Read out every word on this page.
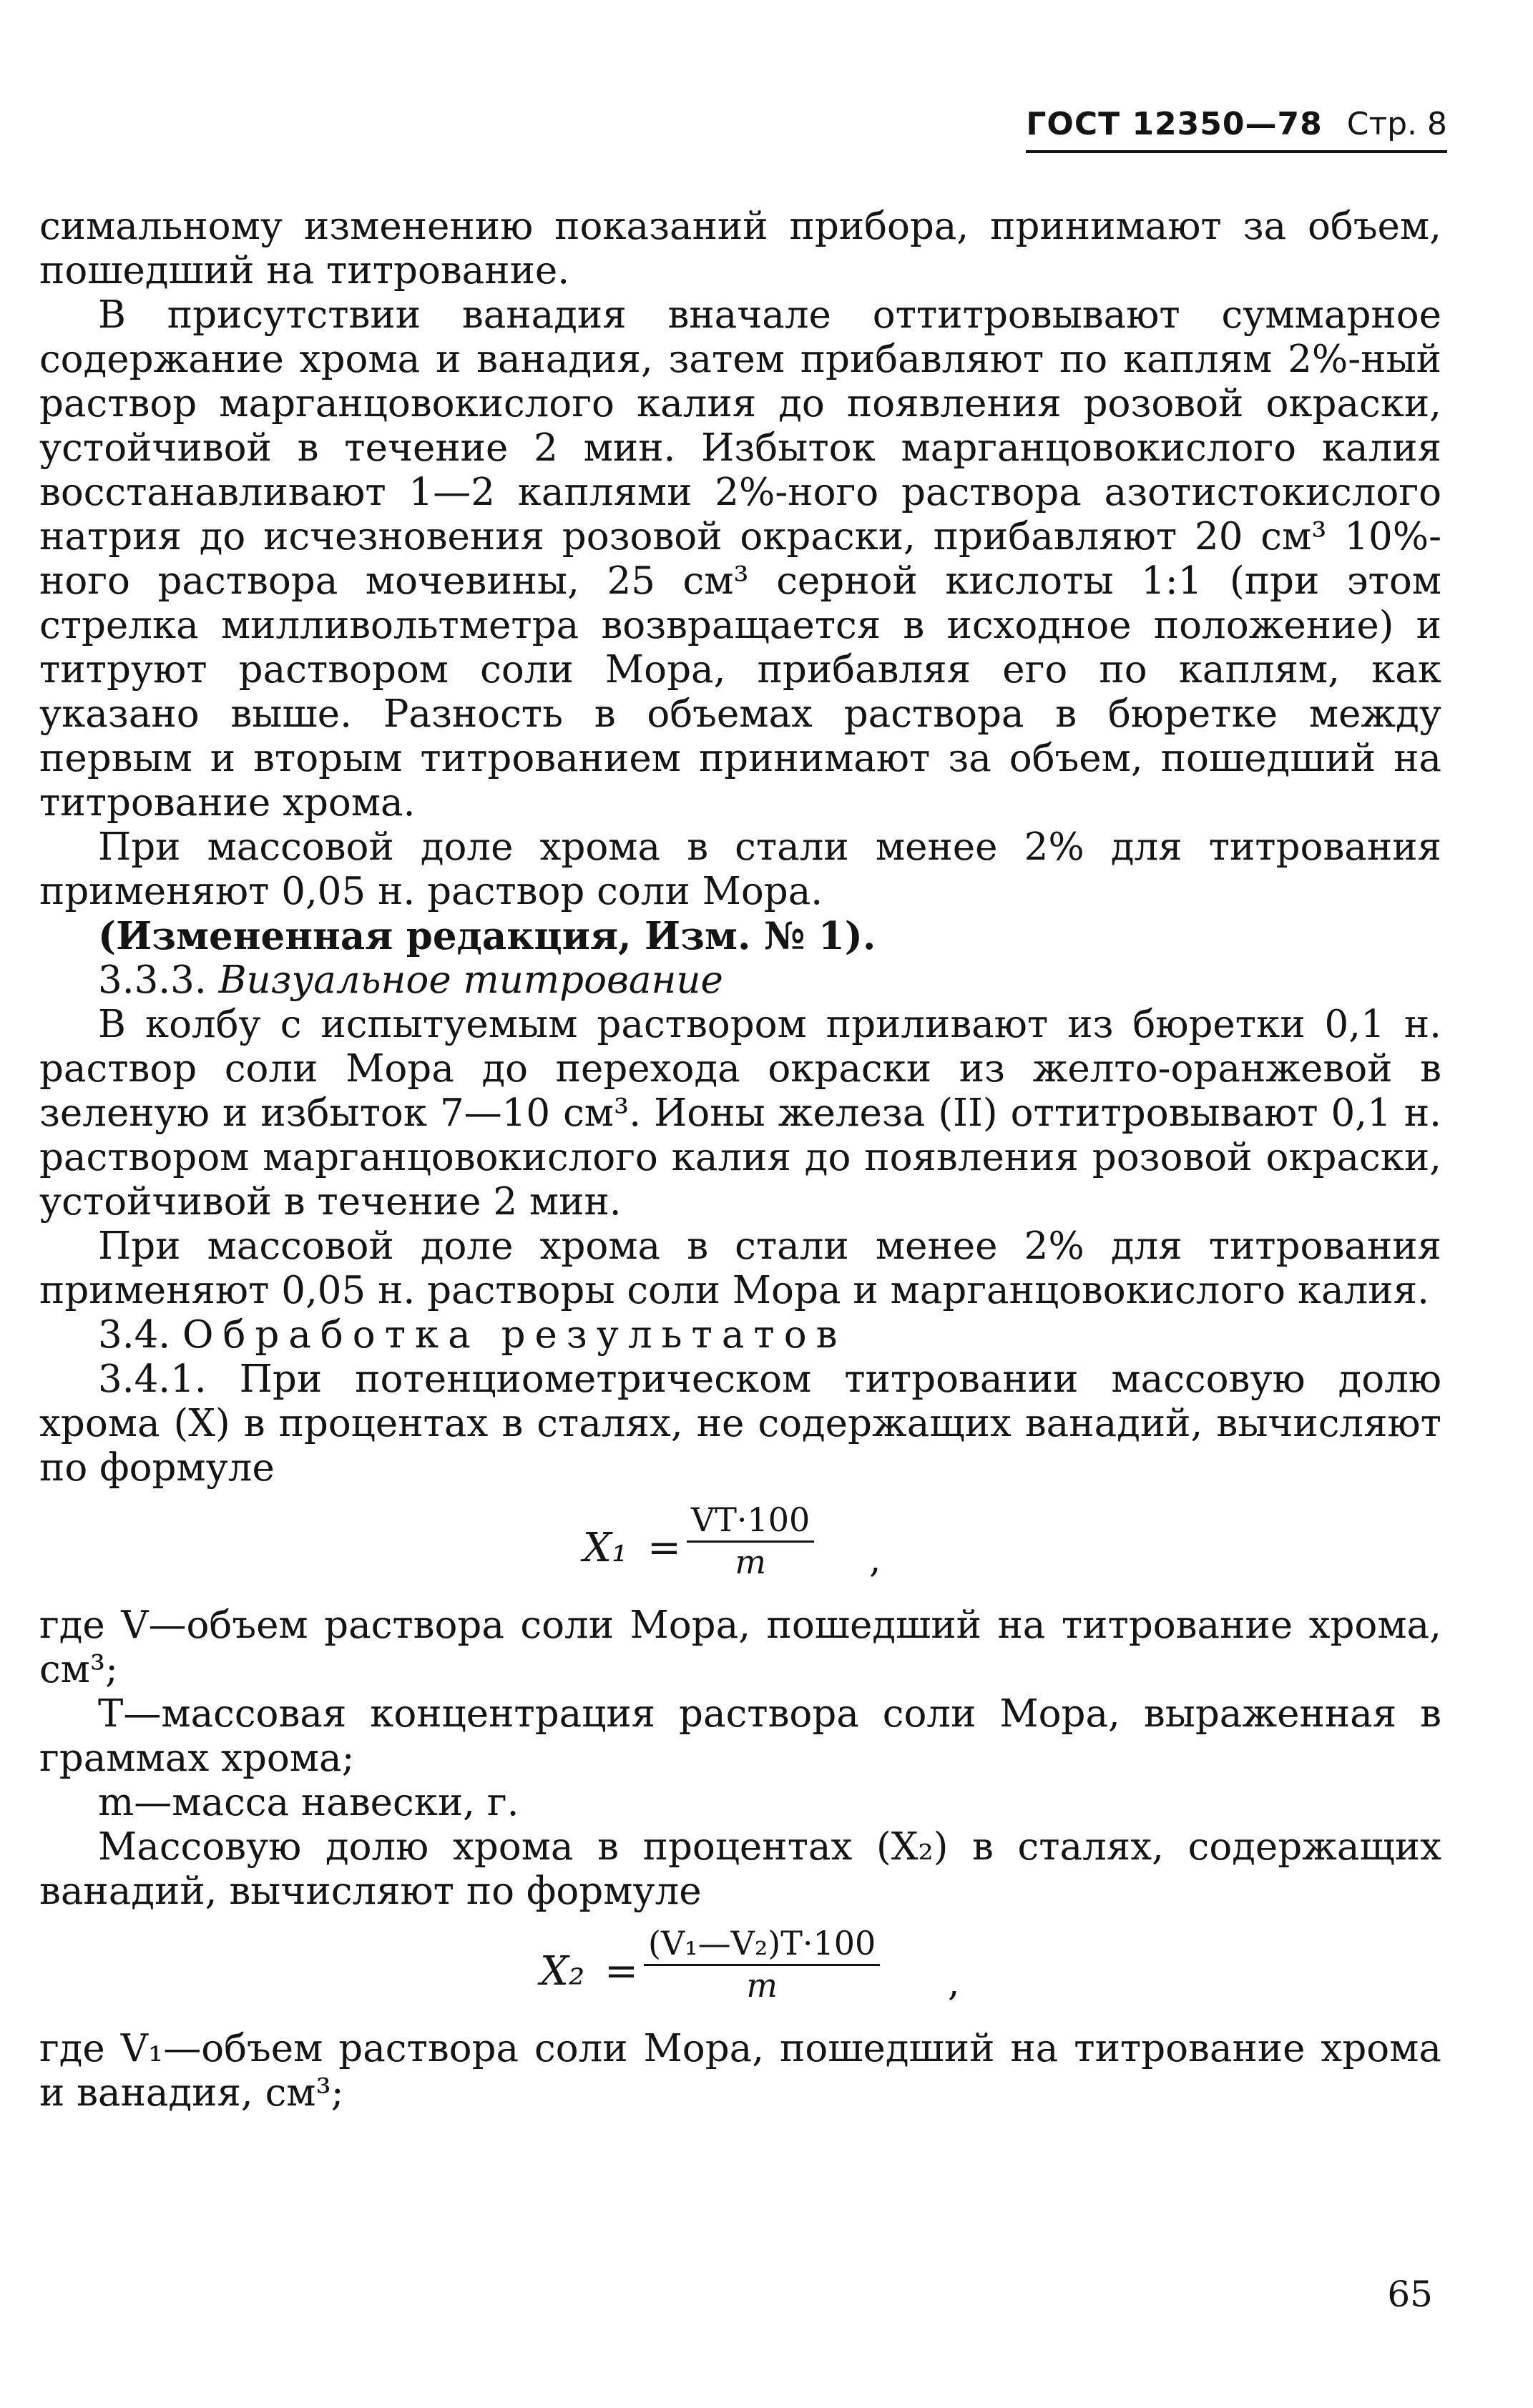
ГОСТ 12350—78 Стр. 8

симальному изменению показаний прибора, принимают за объем, пошедший на титрование.

В присутствии ванадия вначале оттитровывают суммарное содержание хрома и ванадия, затем прибавляют по каплям 2%-ный раствор марганцовокислого калия до появления розовой окраски, устойчивой в течение 2 мин. Избыток марганцовокислого калия восстанавливают 1—2 каплями 2%-ного раствора азотистокислого натрия до исчезновения розовой окраски, прибавляют 20 см³ 10%-ного раствора мочевины, 25 см³ серной кислоты 1:1 (при этом стрелка милливольтметра возвращается в исходное положение) и титруют раствором соли Мора, прибавляя его по каплям, как указано выше. Разность в объемах раствора в бюретке между первым и вторым титрованием принимают за объем, пошедший на титрование хрома.

При массовой доле хрома в стали менее 2% для титрования применяют 0,05 н. раствор соли Мора.

(Измененная редакция, Изм. № 1).

3.3.3. Визуальное титрование

В колбу с испытуемым раствором приливают из бюретки 0,1 н. раствор соли Мора до перехода окраски из желто-оранжевой в зеленую и избыток 7—10 см³. Ионы железа (II) оттитровывают 0,1 н. раствором марганцовокислого калия до появления розовой окраски, устойчивой в течение 2 мин.

При массовой доле хрома в стали менее 2% для титрования применяют 0,05 н. растворы соли Мора и марганцовокислого калия.

3.4. Обработка результатов

3.4.1. При потенциометрическом титровании массовую долю хрома (X) в процентах в сталях, не содержащих ванадий, вычисляют по формуле

$X_1 = \frac{VT\cdot 100}{m}$ ,

где V—объем раствора соли Мора, пошедший на титрование хрома, см³;

T—массовая концентрация раствора соли Мора, выраженная в граммах хрома;

m—масса навески, г.

Массовую долю хрома в процентах (X₂) в сталях, содержащих ванадий, вычисляют по формуле

$X_2 = \frac{\text{(V₁—V₂)T·100}}{m}$ ,

где V₁—объем раствора соли Мора, пошедший на титрование хрома и ванадия, см³;

65
